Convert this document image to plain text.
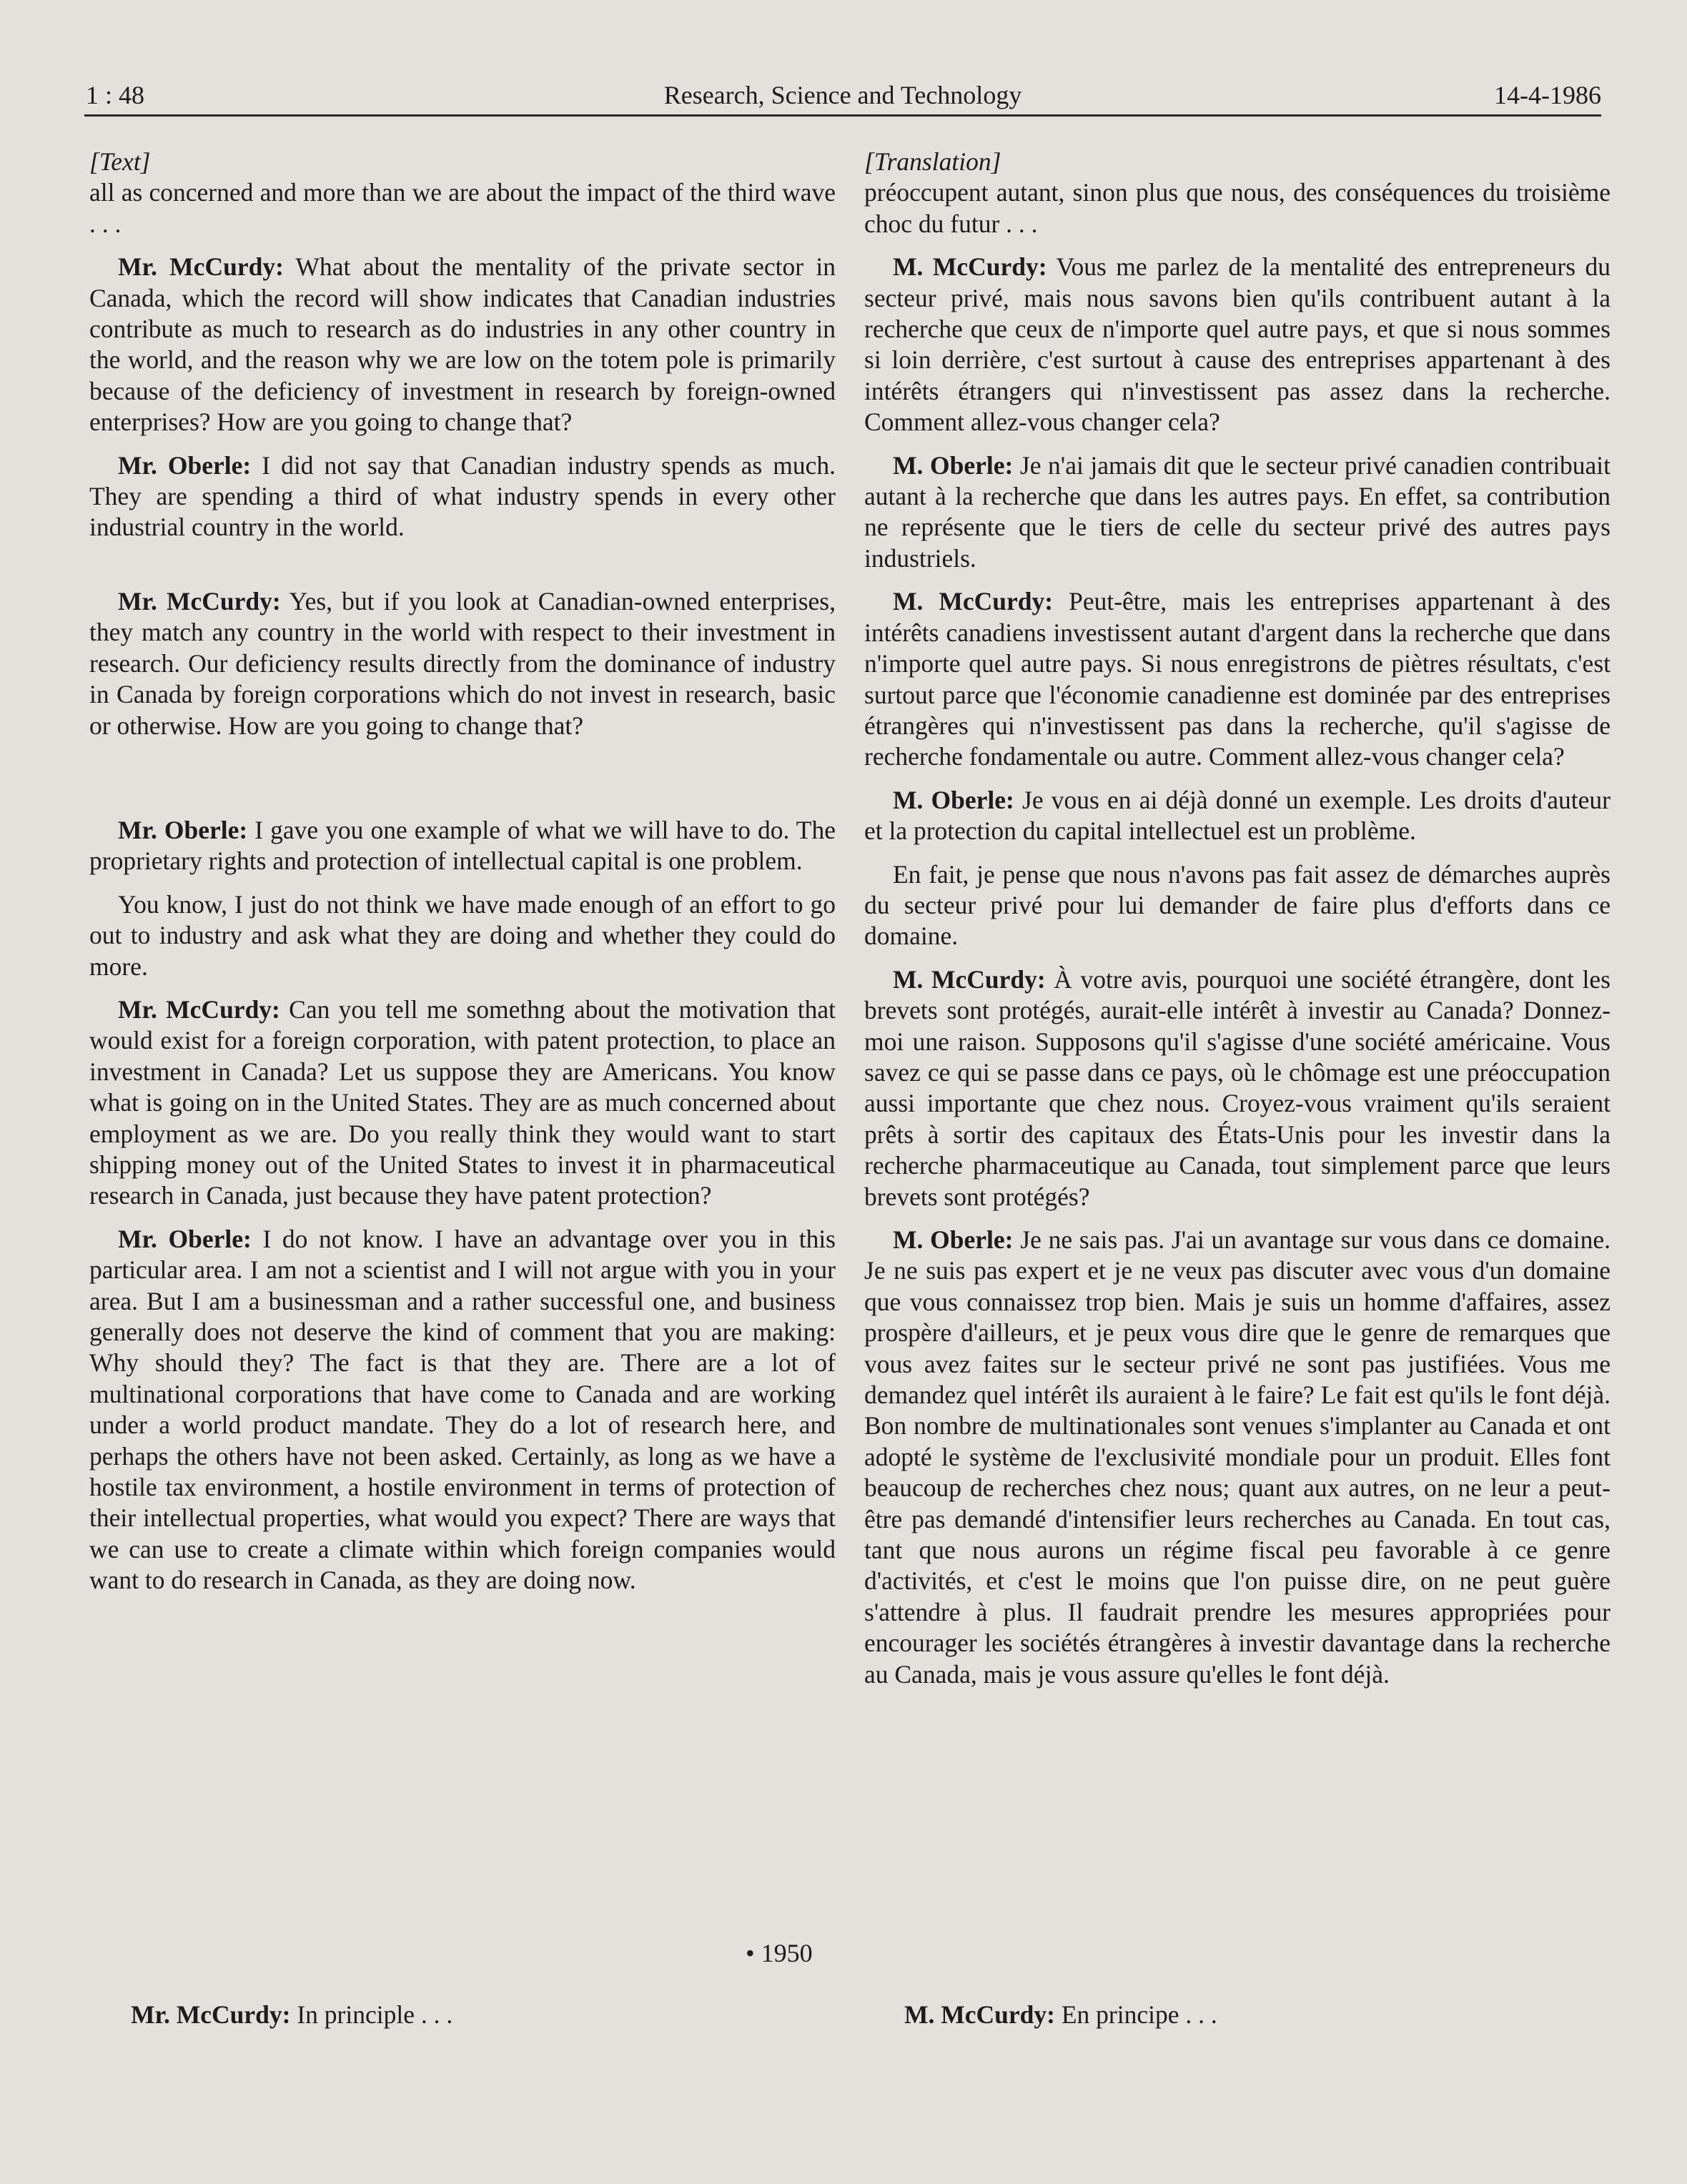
1 : 48	Research, Science and Technology	14-4-1986

[Text]

all as concerned and more than we are about the impact of the third wave . . .

Mr. McCurdy: What about the mentality of the private sector in Canada, which the record will show indicates that Canadian industries contribute as much to research as do industries in any other country in the world, and the reason why we are low on the totem pole is primarily because of the deficiency of investment in research by foreign-owned enterprises? How are you going to change that?

Mr. Oberle: I did not say that Canadian industry spends as much. They are spending a third of what industry spends in every other industrial country in the world.

Mr. McCurdy: Yes, but if you look at Canadian-owned enterprises, they match any country in the world with respect to their investment in research. Our deficiency results directly from the dominance of industry in Canada by foreign corporations which do not invest in research, basic or otherwise. How are you going to change that?

Mr. Oberle: I gave you one example of what we will have to do. The proprietary rights and protection of intellectual capital is one problem.

You know, I just do not think we have made enough of an effort to go out to industry and ask what they are doing and whether they could do more.

Mr. McCurdy: Can you tell me somethng about the motivation that would exist for a foreign corporation, with patent protection, to place an investment in Canada? Let us suppose they are Americans. You know what is going on in the United States. They are as much concerned about employment as we are. Do you really think they would want to start shipping money out of the United States to invest it in pharmaceutical research in Canada, just because they have patent protection?

Mr. Oberle: I do not know. I have an advantage over you in this particular area. I am not a scientist and I will not argue with you in your area. But I am a businessman and a rather successful one, and business generally does not deserve the kind of comment that you are making: Why should they? The fact is that they are. There are a lot of multinational corporations that have come to Canada and are working under a world product mandate. They do a lot of research here, and perhaps the others have not been asked. Certainly, as long as we have a hostile tax environment, a hostile environment in terms of protection of their intellectual properties, what would you expect? There are ways that we can use to create a climate within which foreign companies would want to do research in Canada, as they are doing now.

[Translation]

préoccupent autant, sinon plus que nous, des conséquences du troisième choc du futur . . .

M. McCurdy: Vous me parlez de la mentalité des entrepreneurs du secteur privé, mais nous savons bien qu'ils contribuent autant à la recherche que ceux de n'importe quel autre pays, et que si nous sommes si loin derrière, c'est surtout à cause des entreprises appartenant à des intérêts étrangers qui n'investissent pas assez dans la recherche. Comment allez-vous changer cela?

M. Oberle: Je n'ai jamais dit que le secteur privé canadien contribuait autant à la recherche que dans les autres pays. En effet, sa contribution ne représente que le tiers de celle du secteur privé des autres pays industriels.

M. McCurdy: Peut-être, mais les entreprises appartenant à des intérêts canadiens investissent autant d'argent dans la recherche que dans n'importe quel autre pays. Si nous enregistrons de piètres résultats, c'est surtout parce que l'économie canadienne est dominée par des entreprises étrangères qui n'investissent pas dans la recherche, qu'il s'agisse de recherche fondamentale ou autre. Comment allez-vous changer cela?

M. Oberle: Je vous en ai déjà donné un exemple. Les droits d'auteur et la protection du capital intellectuel est un problème.

En fait, je pense que nous n'avons pas fait assez de démarches auprès du secteur privé pour lui demander de faire plus d'efforts dans ce domaine.

M. McCurdy: À votre avis, pourquoi une société étrangère, dont les brevets sont protégés, aurait-elle intérêt à investir au Canada? Donnez-moi une raison. Supposons qu'il s'agisse d'une société américaine. Vous savez ce qui se passe dans ce pays, où le chômage est une préoccupation aussi importante que chez nous. Croyez-vous vraiment qu'ils seraient prêts à sortir des capitaux des États-Unis pour les investir dans la recherche pharmaceutique au Canada, tout simplement parce que leurs brevets sont protégés?

M. Oberle: Je ne sais pas. J'ai un avantage sur vous dans ce domaine. Je ne suis pas expert et je ne veux pas discuter avec vous d'un domaine que vous connaissez trop bien. Mais je suis un homme d'affaires, assez prospère d'ailleurs, et je peux vous dire que le genre de remarques que vous avez faites sur le secteur privé ne sont pas justifiées. Vous me demandez quel intérêt ils auraient à le faire? Le fait est qu'ils le font déjà. Bon nombre de multinationales sont venues s'implanter au Canada et ont adopté le système de l'exclusivité mondiale pour un produit. Elles font beaucoup de recherches chez nous; quant aux autres, on ne leur a peut-être pas demandé d'intensifier leurs recherches au Canada. En tout cas, tant que nous aurons un régime fiscal peu favorable à ce genre d'activités, et c'est le moins que l'on puisse dire, on ne peut guère s'attendre à plus. Il faudrait prendre les mesures appropriées pour encourager les sociétés étrangères à investir davantage dans la recherche au Canada, mais je vous assure qu'elles le font déjà.

• 1950
Mr. McCurdy: In principle . . .	M. McCurdy: En principe . . .
